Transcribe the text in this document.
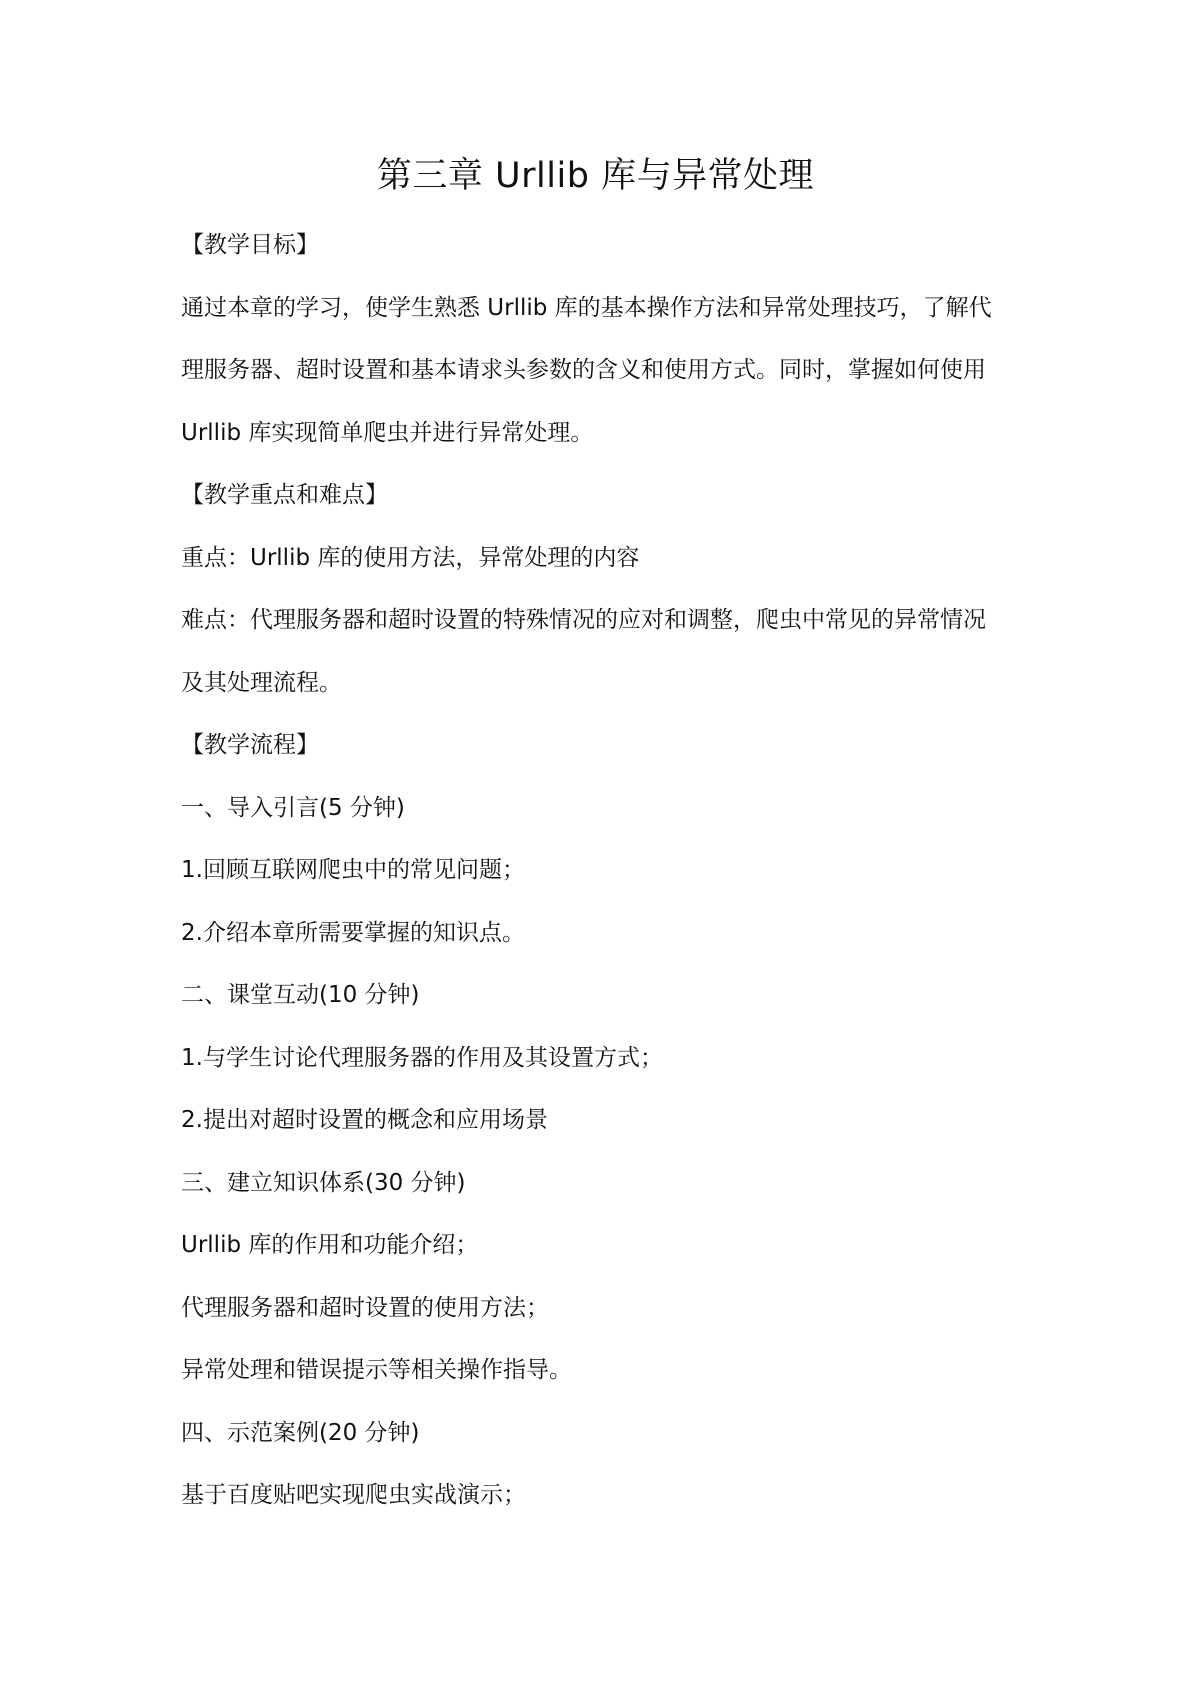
第三章 Urllib 库与异常处理
【教学目标】
通过本章的学习，使学生熟悉 Urllib 库的基本操作方法和异常处理技巧，了解代
理服务器、超时设置和基本请求头参数的含义和使用方式。同时，掌握如何使用
Urllib 库实现简单爬虫并进行异常处理。
【教学重点和难点】
重点：Urllib 库的使用方法，异常处理的内容
难点：代理服务器和超时设置的特殊情况的应对和调整，爬虫中常见的异常情况
及其处理流程。
【教学流程】
一、导入引言(5 分钟)
1.回顾互联网爬虫中的常见问题；
2.介绍本章所需要掌握的知识点。
二、课堂互动(10 分钟)
1.与学生讨论代理服务器的作用及其设置方式；
2.提出对超时设置的概念和应用场景
三、建立知识体系(30 分钟)
Urllib 库的作用和功能介绍；
代理服务器和超时设置的使用方法；
异常处理和错误提示等相关操作指导。
四、示范案例(20 分钟)
基于百度贴吧实现爬虫实战演示；
